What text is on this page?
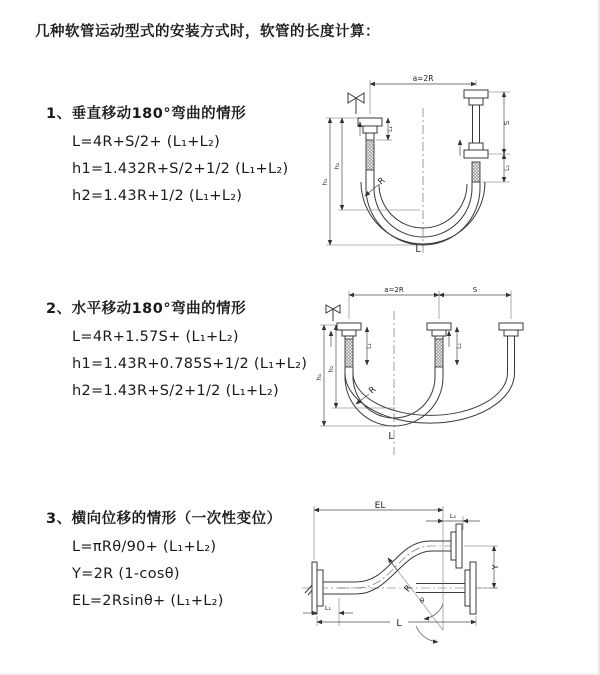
几种软管运动型式的安装方式时，软管的长度计算：
1、垂直移动180°弯曲的情形
L=4R+S/2+ (L₁+L₂)
h1=1.432R+S/2+1/2 (L₁+L₂)
h2=1.43R+1/2 (L₁+L₂)
2、水平移动180°弯曲的情形
L=4R+1.57S+ (L₁+L₂)
h1=1.43R+0.785S+1/2 (L₁+L₂)
h2=1.43R+S/2+1/2 (L₁+L₂)
3、横向位移的情形（一次性变位）
L=πRθ/90+ (L₁+L₂)
Y=2R (1-cosθ)
EL=2Rsinθ+ (L₁+L₂)
a=2R
L₁
S
L₂
h₁
h₂
R
L
a=2R	S
L₁	L₂
h₁
h₂
R
L
EL
L₂
Y
θ
R
L₁
L
